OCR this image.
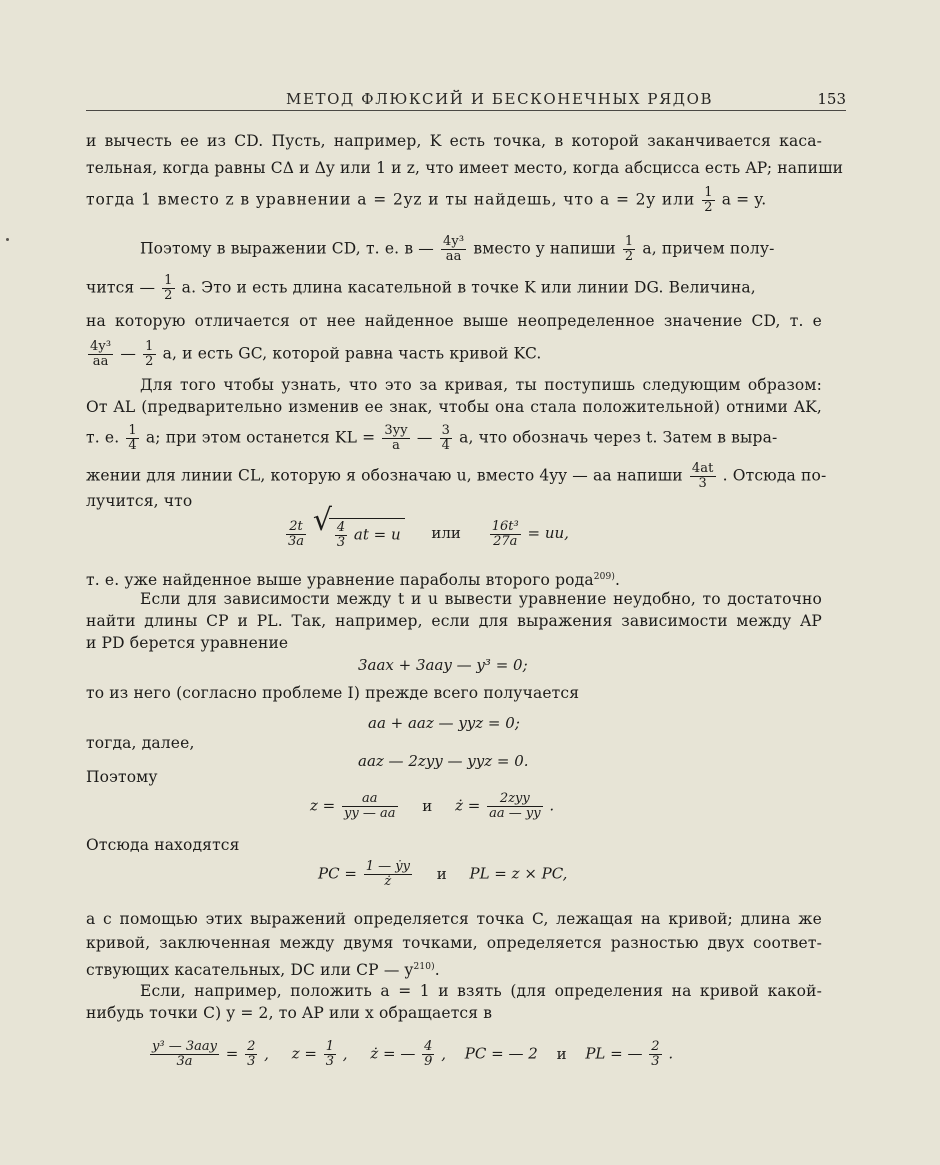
МЕТОД ФЛЮКСИЙ И БЕСКОНЕЧНЫХ РЯДОВ	153
и вычесть ее из CD. Пусть, например, K есть точка, в которой заканчивается каса-
тельная, когда равны CΔ и Δy или 1 и z, что имеет место, когда абсцисса есть AP; напиши
тогда 1 вместо z в уравнении a = 2yz и ты найдешь, что a = 2y или $\frac{1}{2}$ a = y.
Поэтому в выражении CD, т. е. в — $\frac{\text{4y³}}{aa}$ вместо y напиши $\frac{1}{2} a$, причем полу-
чится — $\frac{1}{2} a$. Это и есть длина касательной в точке K или линии DG. Величина,
на которую отличается от нее найденное выше неопределенное значение CD, т. е
$\frac{\text{4y³}}{aa}$ — $\frac{1}{2} a$, и есть GC, которой равна часть кривой KC.
Для того чтобы узнать, что это за кривая, ты поступишь следующим образом:
От AL (предварительно изменив ее знак, чтобы она стала положительной) отними AK,
т. е. $\frac{1}{4} a$; при этом останется KL = $\frac{3yy}{a}$ — $\frac{3}{4} a$, что обозначь через t. Затем в выра-
жении для линии CL, которую я обозначаю u, вместо 4yy — aa напиши $\frac{4at}{3}$ . Отсюда по-
лучится, что
$\frac{2t}{3a}$
√ $\frac{4}{3}$ at = u или $\frac{\text{16t³}}{27a}$ = uu,
т. е. уже найденное выше уравнение параболы второго рода$^{209)}$.
Если для зависимости между t и u вывести уравнение неудобно, то достаточно
найти длины CP и PL. Так, например, если для выражения зависимости между AP
и PD берется уравнение
3aax + 3aay — y³ = 0;
то из него (согласно проблеме I) прежде всего получается
aa + aaz — yyz = 0;
тогда, далее,
aaz — 2zyy — yyz = 0.
Поэтому
$z = \frac{aa}{yy — aa}$ и ż = $\frac{\text{2zyy}}{aa — yy}$ .
Отсюда находятся
PC = $\frac{\text{1 — ẏy}}{ż}$ и PL = z × PC,
а с помощью этих выражений определяется точка C, лежащая на кривой; длина же
кривой, заключенная между двумя точками, определяется разностью двух соответ-
ствующих касательных, DC или CP — $y^{210)}$.
Если, например, положить a = 1 и взять (для определения на кривой какой-
нибудь точки C) y = 2, то AP или x обращается в
$\frac{\text{y³ — 3aay}}{3a} = \frac{2}{3}$ , $z = \frac{1}{3}$ , ż = — $\frac{4}{9}$ , PC = — 2 и PL = — $\frac{2}{3}$ .
